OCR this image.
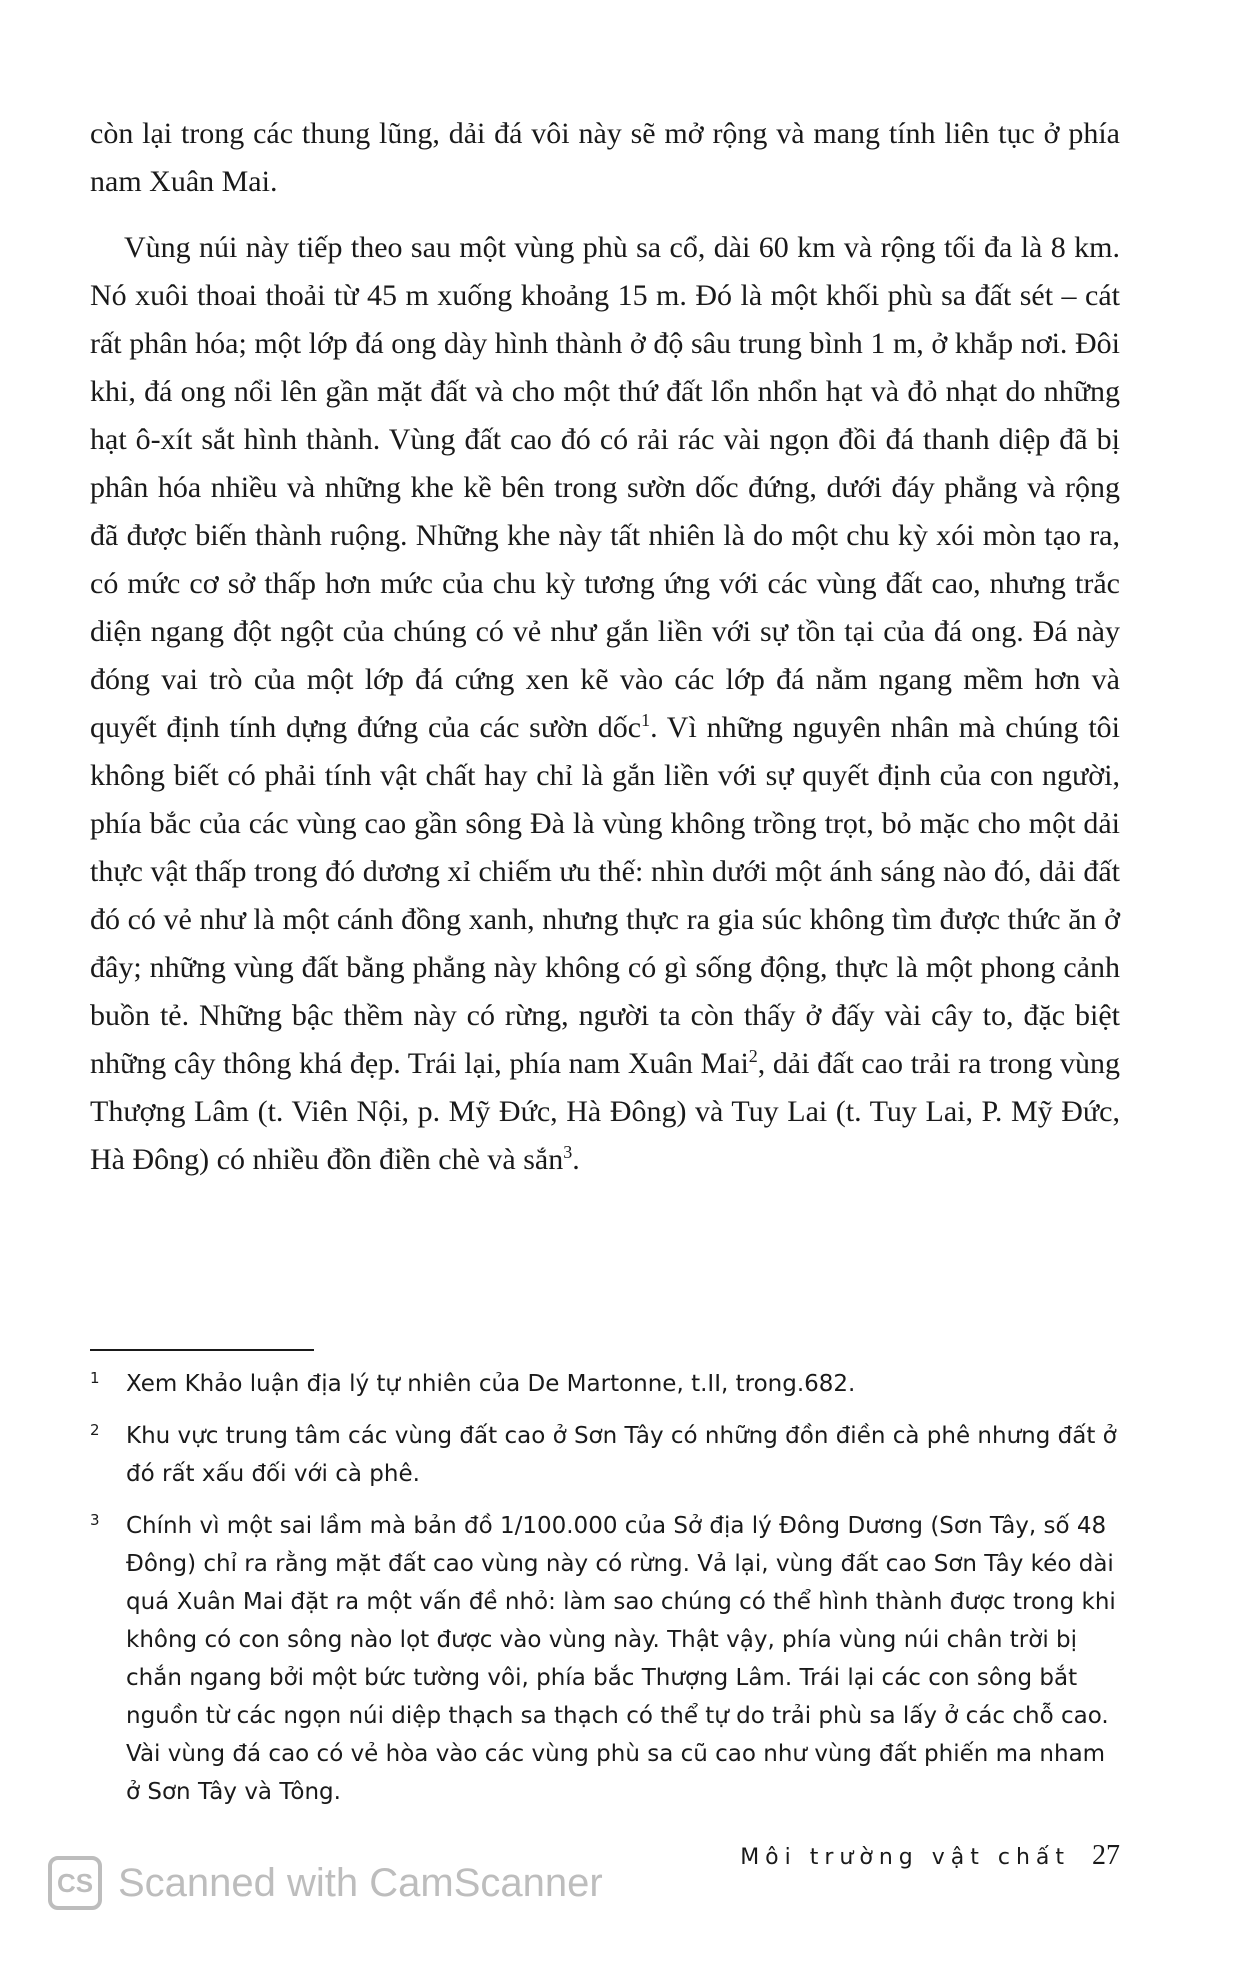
còn lại trong các thung lũng, dải đá vôi này sẽ mở rộng và mang tính liên tục ở phía nam Xuân Mai.

Vùng núi này tiếp theo sau một vùng phù sa cổ, dài 60 km và rộng tối đa là 8 km. Nó xuôi thoai thoải từ 45 m xuống khoảng 15 m. Đó là một khối phù sa đất sét – cát rất phân hóa; một lớp đá ong dày hình thành ở độ sâu trung bình 1 m, ở khắp nơi. Đôi khi, đá ong nổi lên gần mặt đất và cho một thứ đất lổn nhổn hạt và đỏ nhạt do những hạt ô-xít sắt hình thành. Vùng đất cao đó có rải rác vài ngọn đồi đá thanh diệp đã bị phân hóa nhiều và những khe kề bên trong sườn dốc đứng, dưới đáy phẳng và rộng đã được biến thành ruộng. Những khe này tất nhiên là do một chu kỳ xói mòn tạo ra, có mức cơ sở thấp hơn mức của chu kỳ tương ứng với các vùng đất cao, nhưng trắc diện ngang đột ngột của chúng có vẻ như gắn liền với sự tồn tại của đá ong. Đá này đóng vai trò của một lớp đá cứng xen kẽ vào các lớp đá nằm ngang mềm hơn và quyết định tính dựng đứng của các sườn dốc$^1$. Vì những nguyên nhân mà chúng tôi không biết có phải tính vật chất hay chỉ là gắn liền với sự quyết định của con người, phía bắc của các vùng cao gần sông Đà là vùng không trồng trọt, bỏ mặc cho một dải thực vật thấp trong đó dương xỉ chiếm ưu thế: nhìn dưới một ánh sáng nào đó, dải đất đó có vẻ như là một cánh đồng xanh, nhưng thực ra gia súc không tìm được thức ăn ở đây; những vùng đất bằng phẳng này không có gì sống động, thực là một phong cảnh buồn tẻ. Những bậc thềm này có rừng, người ta còn thấy ở đấy vài cây to, đặc biệt những cây thông khá đẹp. Trái lại, phía nam Xuân Mai$^2$, dải đất cao trải ra trong vùng Thượng Lâm (t. Viên Nội, p. Mỹ Đức, Hà Đông) và Tuy Lai (t. Tuy Lai, P. Mỹ Đức, Hà Đông) có nhiều đồn điền chè và sắn$^3$.

1	Xem Khảo luận địa lý tự nhiên của De Martonne, t.II, trong.682.
2	Khu vực trung tâm các vùng đất cao ở Sơn Tây có những đồn điền cà phê nhưng đất ở đó rất xấu đối với cà phê.
3	Chính vì một sai lầm mà bản đồ 1/100.000 của Sở địa lý Đông Dương (Sơn Tây, số 48 Đông) chỉ ra rằng mặt đất cao vùng này có rừng. Vả lại, vùng đất cao Sơn Tây kéo dài quá Xuân Mai đặt ra một vấn đề nhỏ: làm sao chúng có thể hình thành được trong khi không có con sông nào lọt được vào vùng này. Thật vậy, phía vùng núi chân trời bị chắn ngang bởi một bức tường vôi, phía bắc Thượng Lâm. Trái lại các con sông bắt nguồn từ các ngọn núi diệp thạch sa thạch có thể tự do trải phù sa lấy ở các chỗ cao. Vài vùng đá cao có vẻ hòa vào các vùng phù sa cũ cao như vùng đất phiến ma nham ở Sơn Tây và Tông.
Môi trường vật chất 27
CS Scanned with CamScanner
